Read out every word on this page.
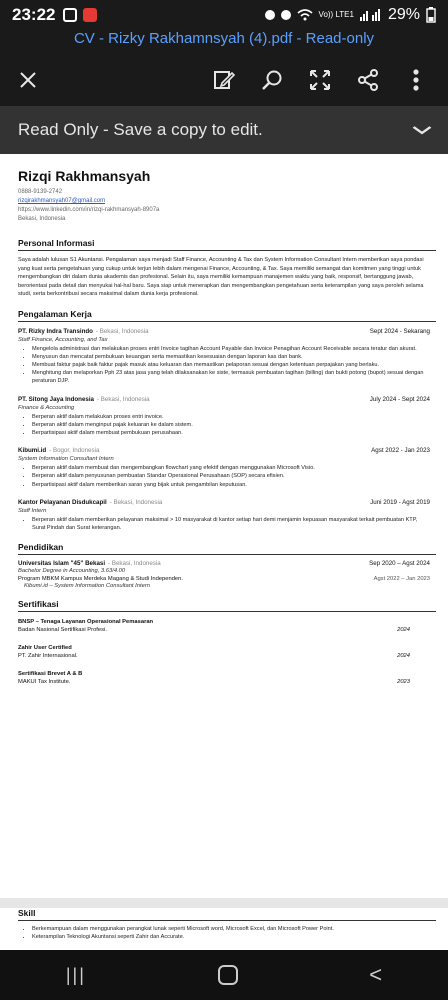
23:22	Vo)) LTE1 29%
CV - Rizky Rakhamnsyah (4).pdf - Read-only
Read Only - Save a copy to edit.
Rizqi Rakhmansyah
0888-9139-2742
rizqirakhmansyah07@gmail.com
https://www.linkedin.com/in/rizqi-rakhmansyah-8907a
Bekasi, Indonesia
Personal Informasi
Saya adalah lulusan S1 Akuntansi. Pengalaman saya menjadi Staff Finance, Accounting & Tax dan System Information Consultant Intern memberikan saya pondasi yang kuat serta pengetahuan yang cukup untuk terjun lebih dalam mengenai Finance, Accounting, & Tax. Saya memiliki semangat dan komitmen yang tinggi untuk mengembangkan diri dalam dunia akademis dan profesional. Selain itu, saya memiliki kemampuan manajemen waktu yang baik, responsif, bertanggung jawab, berorientasi pada detail dan menyukai hal-hal baru. Saya siap untuk menerapkan dan mengembangkan pengetahuan serta keterampilan yang saya peroleh selama studi, serta berkontribusi secara maksimal dalam dunia kerja profesional.
Pengalaman Kerja
PT. Rizky Indra Transindo - Bekasi, Indonesia	Sept 2024 - Sekarang
Staff Finance, Accounting, and Tax
• Mengelola administrasi dan melakukan proses entri Invoice tagihan Account Payable dan Invoice Penagihan Account Receivable secara teratur dan akurat.
• Menyusun dan mencatat pembukuan keuangan serta memastikan kesesuaian dengan laporan kas dan bank.
• Membuat faktur pajak baik faktur pajak masuk atau keluaran dan memastikan pelaporan sesuai dengan ketentuan perpajakan yang berlaku.
• Menghitung dan melaporkan Pph 23 atas jasa yang telah dilaksanakan ke siste, termasuk pembuatan tagihan (billing) dan bukti potong (bupot) sesuai dengan peraturan DJP.
PT. Sitong Jaya Indonesia - Bekasi, Indonesia	July 2024 - Sept 2024
Finance & Accounting
• Berperan aktif dalam melakukan proses entri invoice.
• Berperan aktif dalam menginput pajak keluaran ke dalam sistem.
• Berpartisipasi aktif dalam membuat pembukuan perusahaan.
Kibumi.id - Bogor, Indonesia	Agst 2022 - Jan 2023
System Information Consultant Intern
• Berperan aktif dalam membuat dan mengembangkan flowchart yang efektif dengan menggunakan Microsoft Visio.
• Berperan aktif dalam penyusunan pembuatan Standar Operasional Perusahaan (SOP) secara efisien.
• Berpartisipasi aktif dalam memberikan saran yang bijak untuk pengambilan keputusan.
Kantor Pelayanan Disdukcapil - Bekasi, Indonesia	Juni 2019 - Agst 2019
Staff Intern
• Berperan aktif dalam memberikan pelayanan maksimal > 10 masyarakat di kantor setiap hari demi menjamin kepuasan masyarakat terkait pembuatan KTP, Surat Pindah dan Surat keterangan.
Pendidikan
Universitas Islam "45" Bekasi - Bekasi, Indonesia	Sep 2020 – Agst 2024
Bachelor Degree in Accounting, 3.63/4.00
Program MBKM Kampus Merdeka Magang & Studi Independen.	Agst 2022 – Jan 2023
Kibumi.id – System Information Consultant Intern
Sertifikasi
BNSP – Tenaga Layanan Operasional Pemasaran
Badan Nasional Sertifikasi Profesi.	2024
Zahir User Certified
PT. Zahir Internasional.	2024
Sertifikasi Brevet A & B
MAKUI Tax Institute.	2023
Skill
• Berkemampuan dalam menggunakan perangkat lunak seperti Microsoft word, Microsoft Excel, dan Microsoft Power Point.
• Keterampilan Teknologi Akuntansi seperti Zahir dan Accurate.
|||	<
